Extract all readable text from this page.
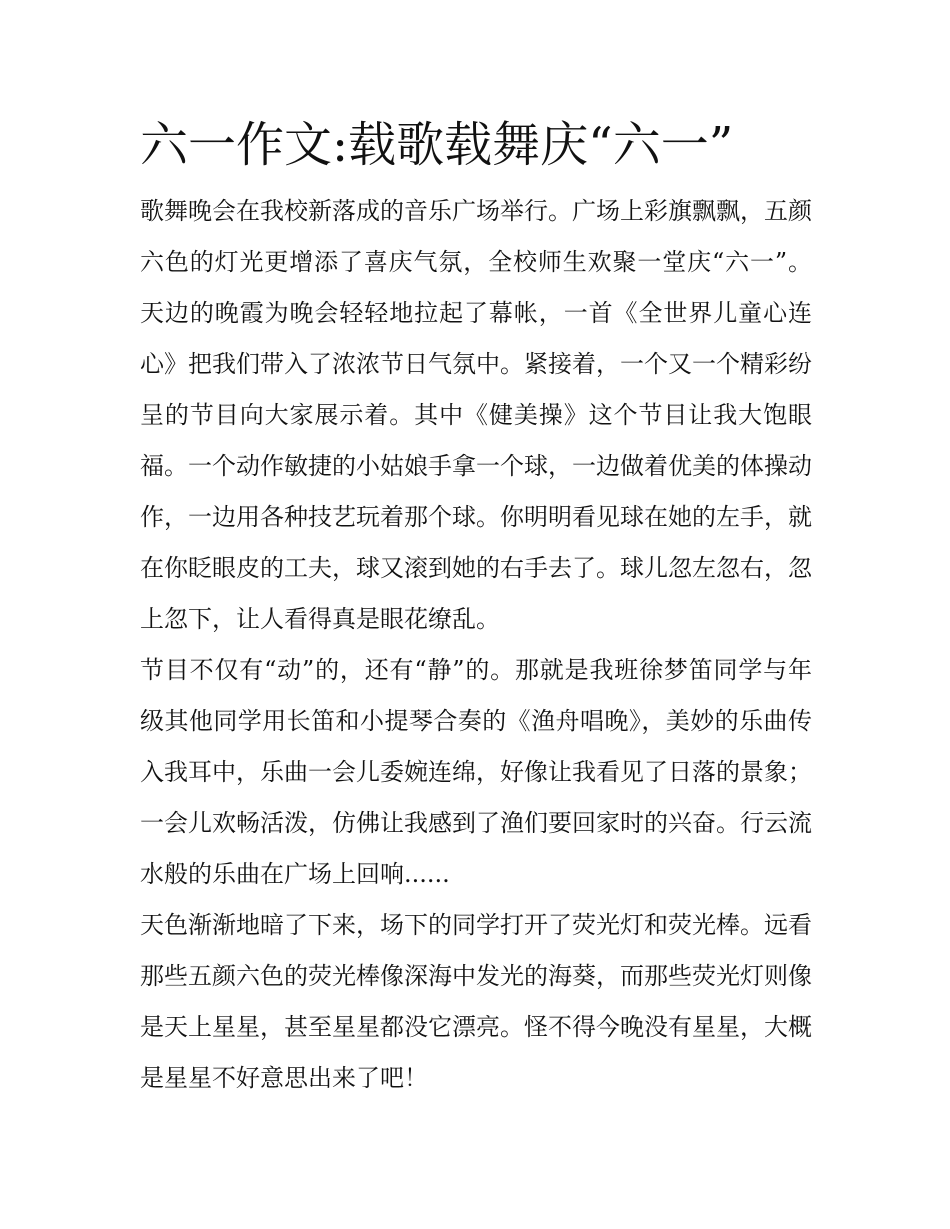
六一作文:载歌载舞庆“六一”

歌舞晚会在我校新落成的音乐广场举行。广场上彩旗飘飘，五颜六色的灯光更增添了喜庆气氛，全校师生欢聚一堂庆“六一”。天边的晚霞为晚会轻轻地拉起了幕帐，一首《全世界儿童心连心》把我们带入了浓浓节日气氛中。紧接着，一个又一个精彩纷呈的节目向大家展示着。其中《健美操》这个节目让我大饱眼福。一个动作敏捷的小姑娘手拿一个球，一边做着优美的体操动作，一边用各种技艺玩着那个球。你明明看见球在她的左手，就在你眨眼皮的工夫，球又滚到她的右手去了。球儿忽左忽右，忽上忽下，让人看得真是眼花缭乱。

节目不仅有“动”的，还有“静”的。那就是我班徐梦笛同学与年级其他同学用长笛和小提琴合奏的《渔舟唱晚》，美妙的乐曲传入我耳中，乐曲一会儿委婉连绵，好像让我看见了日落的景象；一会儿欢畅活泼，仿佛让我感到了渔们要回家时的兴奋。行云流水般的乐曲在广场上回响......

天色渐渐地暗了下来，场下的同学打开了荧光灯和荧光棒。远看那些五颜六色的荧光棒像深海中发光的海葵，而那些荧光灯则像是天上星星，甚至星星都没它漂亮。怪不得今晚没有星星，大概是星星不好意思出来了吧！
